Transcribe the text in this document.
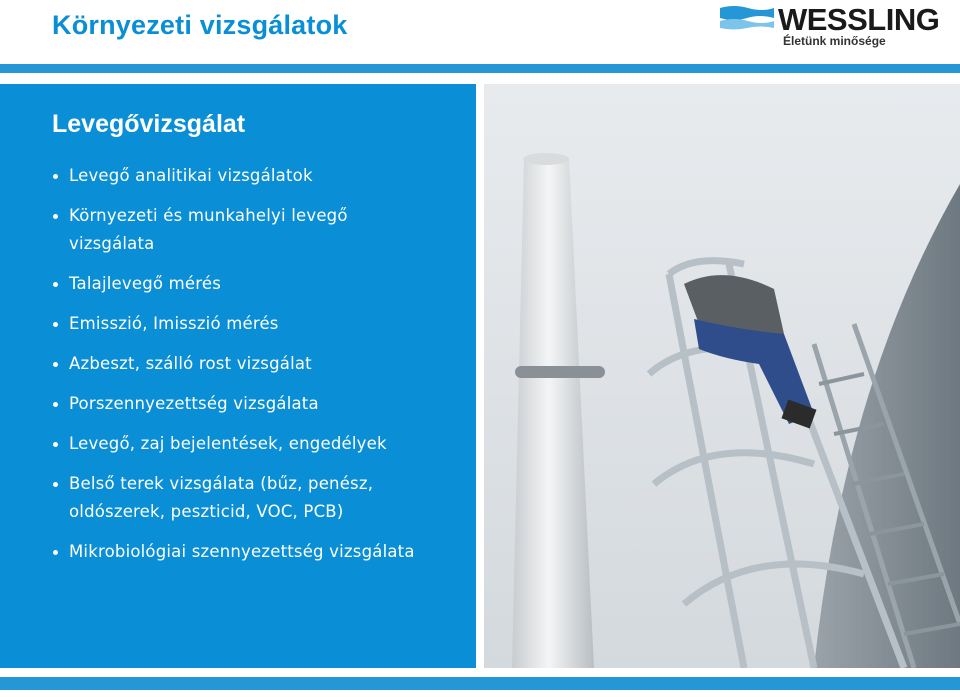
Környezeti vizsgálatok	WESSLING
Életünk minősége
Levegővizsgálat
Levegő analitikai vizsgálatok
Környezeti és munkahelyi levegő vizsgálata
Talajlevegő mérés
Emisszió, Imisszió mérés
Azbeszt, szálló rost vizsgálat
Porszennyezettség vizsgálata
Levegő, zaj bejelentések, engedélyek
Belső terek vizsgálata (bűz, penész, oldószerek, peszticid, VOC, PCB)
Mikrobiológiai szennyezettség vizsgálata
